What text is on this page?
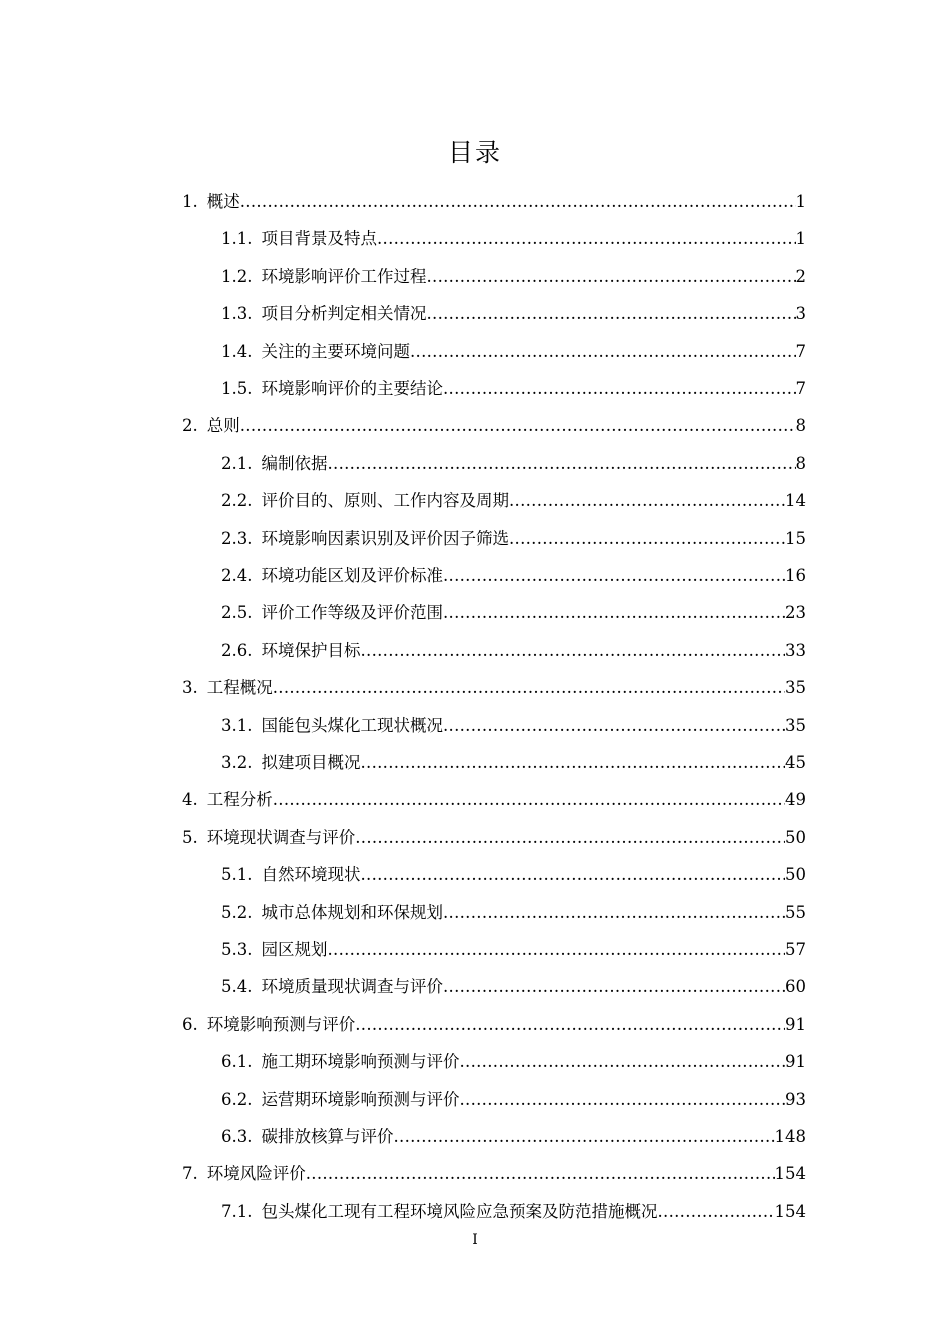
目录
1. 概述 .....	1
1.1. 项目背景及特点 .....	1
1.2. 环境影响评价工作过程 .....	2
1.3. 项目分析判定相关情况 .....	3
1.4. 关注的主要环境问题 .....	7
1.5. 环境影响评价的主要结论 .....	7
2. 总则 .....	8
2.1. 编制依据 .....	8
2.2. 评价目的、原则、工作内容及周期 .....	14
2.3. 环境影响因素识别及评价因子筛选 .....	15
2.4. 环境功能区划及评价标准 .....	16
2.5. 评价工作等级及评价范围 .....	23
2.6. 环境保护目标 .....	33
3. 工程概况 .....	35
3.1. 国能包头煤化工现状概况 .....	35
3.2. 拟建项目概况 .....	45
4. 工程分析 .....	49
5. 环境现状调查与评价 .....	50
5.1. 自然环境现状 .....	50
5.2. 城市总体规划和环保规划 .....	55
5.3. 园区规划 .....	57
5.4. 环境质量现状调查与评价 .....	60
6. 环境影响预测与评价 .....	91
6.1. 施工期环境影响预测与评价 .....	91
6.2. 运营期环境影响预测与评价 .....	93
6.3. 碳排放核算与评价 .....	148
7. 环境风险评价 .....	154
7.1. 包头煤化工现有工程环境风险应急预案及防范措施概况 .....	154
I
